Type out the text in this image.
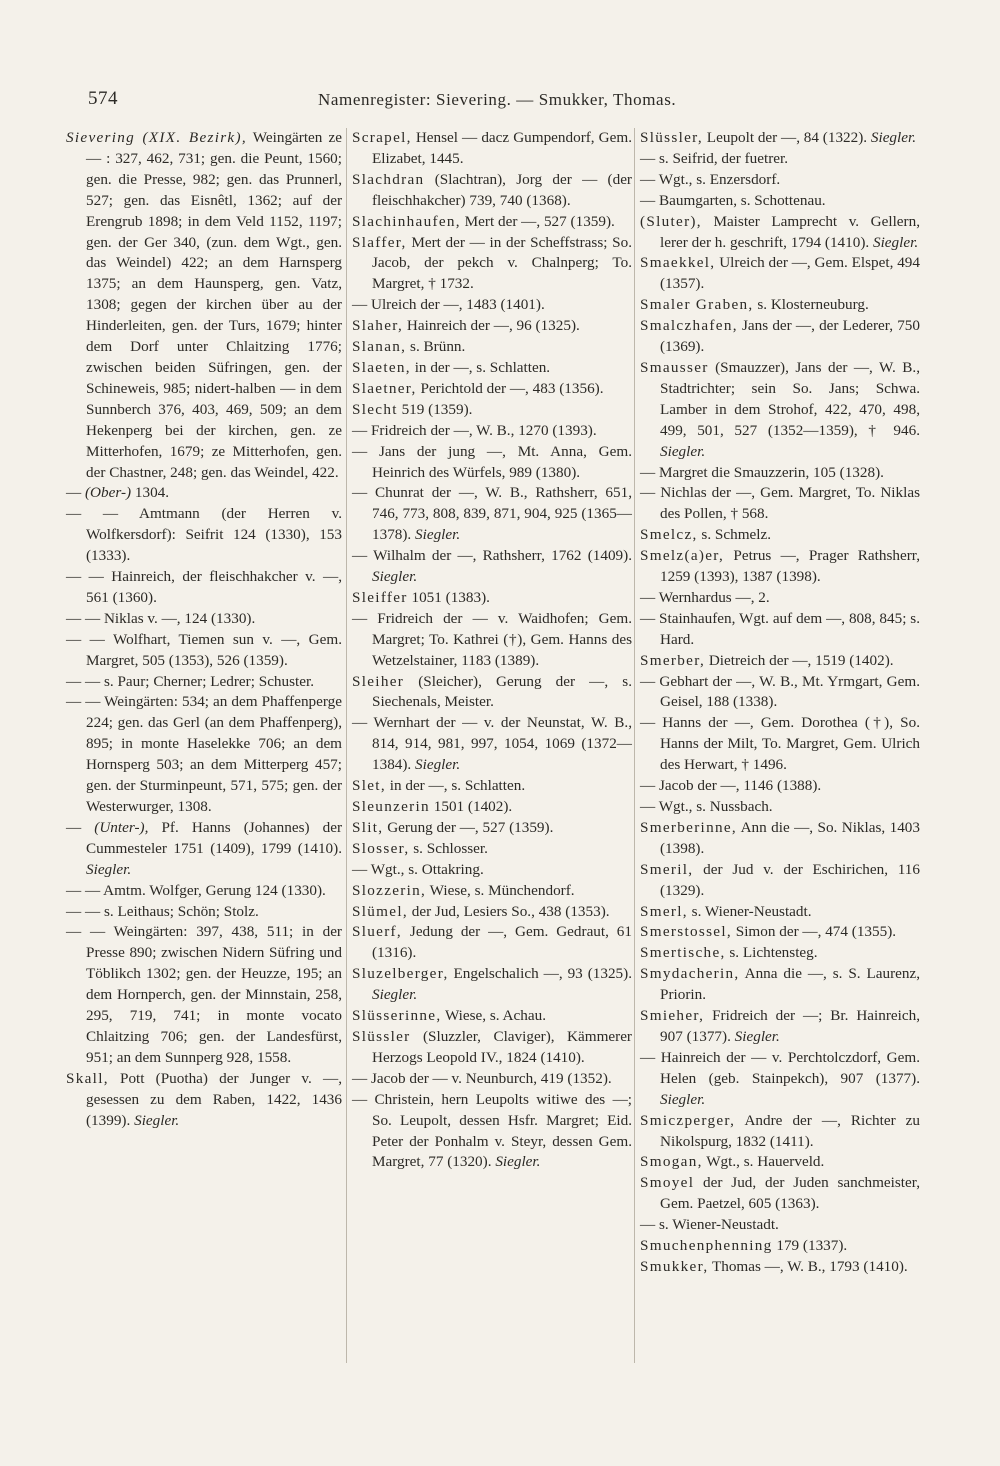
574	Namenregister: Sievering. — Smukker, Thomas.
Sievering (XIX. Bezirk), Weingärten ze — : 327, 462, 731; gen. die Peunt, 1560; gen. die Presse, 982; gen. das Prunnerl, 527; gen. das Eisnêtl, 1362; auf der Erengrub 1898; in dem Veld 1152, 1197; gen. der Ger 340, (zun. dem Wgt., gen. das Weindel) 422; an dem Harnsperg 1375; an dem Haunsperg, gen. Vatz, 1308; gegen der kirchen über au der Hinderleiten, gen. der Turs, 1679; hinter dem Dorf unter Chlaitzing 1776; zwischen beiden Süfringen, gen. der Schineweis, 985; nidert-halben — in dem Sunnberch 376, 403, 469, 509; an dem Hekenperg bei der kirchen, gen. ze Mitterhofen, 1679; ze Mitterhofen, gen. der Chastner, 248; gen. das Weindel, 422.
— (Ober-) 1304.
— — Amtmann (der Herren v. Wolfkersdorf): Seifrit 124 (1330), 153 (1333).
— — Hainreich, der fleischhakcher v. —, 561 (1360).
— — Niklas v. —, 124 (1330).
— — Wolfhart, Tiemen sun v. —, Gem. Margret, 505 (1353), 526 (1359).
— — s. Paur; Cherner; Ledrer; Schuster.
— — Weingärten: 534; an dem Phaffenperge 224; gen. das Gerl (an dem Phaffenperg), 895; in monte Haselekke 706; an dem Hornsperg 503; an dem Mitterperg 457; gen. der Sturminpeunt, 571, 575; gen. der Westerwurger, 1308.
— (Unter-), Pf. Hanns (Johannes) der Cummesteler 1751 (1409), 1799 (1410). Siegler.
— — Amtm. Wolfger, Gerung 124 (1330).
— — s. Leithaus; Schön; Stolz.
— — Weingärten: 397, 438, 511; in der Presse 890; zwischen Nidern Süfring und Töblikch 1302; gen. der Heuzze, 195; an dem Hornperch, gen. der Minnstain, 258, 295, 719, 741; in monte vocato Chlaitzing 706; gen. der Landesfürst, 951; an dem Sunnperg 928, 1558.
Skall, Pott (Puotha) der Junger v. —, gesessen zu dem Raben, 1422, 1436 (1399). Siegler.
Scrapel, Hensel — dacz Gumpendorf, Gem. Elizabet, 1445.
Slachdran (Slachtran), Jorg der — (der fleischhakcher) 739, 740 (1368).
Slachinhaufen, Mert der —, 527 (1359).
Slaffer, Mert der — in der Scheffstrass; So. Jacob, der pekch v. Chalnperg; To. Margret, † 1732.
— Ulreich der —, 1483 (1401).
Slaher, Hainreich der —, 96 (1325).
Slanan, s. Brünn.
Slaeten, in der —, s. Schlatten.
Slaetner, Perichtold der —, 483 (1356).
Slecht 519 (1359).
— Fridreich der —, W. B., 1270 (1393).
— Jans der jung —, Mt. Anna, Gem. Heinrich des Würfels, 989 (1380).
— Chunrat der —, W. B., Rathsherr, 651, 746, 773, 808, 839, 871, 904, 925 (1365—1378). Siegler.
— Wilhalm der —, Rathsherr, 1762 (1409). Siegler.
Sleiffer 1051 (1383).
— Fridreich der — v. Waidhofen; Gem. Margret; To. Kathrei (†), Gem. Hanns des Wetzelstainer, 1183 (1389).
Sleiher (Sleicher), Gerung der —, s. Siechenals, Meister.
— Wernhart der — v. der Neunstat, W. B., 814, 914, 981, 997, 1054, 1069 (1372—1384). Siegler.
Slet, in der —, s. Schlatten.
Sleunzerin 1501 (1402).
Slit, Gerung der —, 527 (1359).
Slosser, s. Schlosser.
— Wgt., s. Ottakring.
Slozzerin, Wiese, s. Münchendorf.
Slümel, der Jud, Lesiers So., 438 (1353).
Sluerf, Jedung der —, Gem. Gedraut, 61 (1316).
Sluzelberger, Engelschalich —, 93 (1325). Siegler.
Slüsserinne, Wiese, s. Achau.
Slüssler (Sluzzler, Claviger), Kämmerer Herzogs Leopold IV., 1824 (1410).
— Jacob der — v. Neunburch, 419 (1352).
— Christein, hern Leupolts witiwe des —; So. Leupolt, dessen Hsfr. Margret; Eid. Peter der Ponhalm v. Steyr, dessen Gem. Margret, 77 (1320). Siegler.
Slüssler, Leupolt der —, 84 (1322). Siegler.
— s. Seifrid, der fuetrer.
— Wgt., s. Enzersdorf.
— Baumgarten, s. Schottenau.
(Sluter), Maister Lamprecht v. Gellern, lerer der h. geschrift, 1794 (1410). Siegler.
Smaekkel, Ulreich der —, Gem. Elspet, 494 (1357).
Smaler Graben, s. Klosterneuburg.
Smalczhafen, Jans der —, der Lederer, 750 (1369).
Smausser (Smauzzer), Jans der —, W. B., Stadtrichter; sein So. Jans; Schwa. Lamber in dem Strohof, 422, 470, 498, 499, 501, 527 (1352—1359), † 946. Siegler.
— Margret die Smauzzerin, 105 (1328).
— Nichlas der —, Gem. Margret, To. Niklas des Pollen, † 568.
Smelcz, s. Schmelz.
Smelz(a)er, Petrus —, Prager Rathsherr, 1259 (1393), 1387 (1398).
— Wernhardus —, 2.
— Stainhaufen, Wgt. auf dem —, 808, 845; s. Hard.
Smerber, Dietreich der —, 1519 (1402).
— Gebhart der —, W. B., Mt. Yrmgart, Gem. Geisel, 188 (1338).
— Hanns der —, Gem. Dorothea (†), So. Hanns der Milt, To. Margret, Gem. Ulrich des Herwart, † 1496.
— Jacob der —, 1146 (1388).
— Wgt., s. Nussbach.
Smerberinne, Ann die —, So. Niklas, 1403 (1398).
Smeril, der Jud v. der Eschirichen, 116 (1329).
Smerl, s. Wiener-Neustadt.
Smerstossel, Simon der —, 474 (1355).
Smertische, s. Lichtensteg.
Smydacherin, Anna die —, s. S. Laurenz, Priorin.
Smieher, Fridreich der —; Br. Hainreich, 907 (1377). Siegler.
— Hainreich der — v. Perchtolczdorf, Gem. Helen (geb. Stainpekch), 907 (1377). Siegler.
Smiczperger, Andre der —, Richter zu Nikolspurg, 1832 (1411).
Smogan, Wgt., s. Hauerveld.
Smoyel der Jud, der Juden sanchmeister, Gem. Paetzel, 605 (1363).
— s. Wiener-Neustadt.
Smuchenphenning 179 (1337).
Smukker, Thomas —, W. B., 1793 (1410).
